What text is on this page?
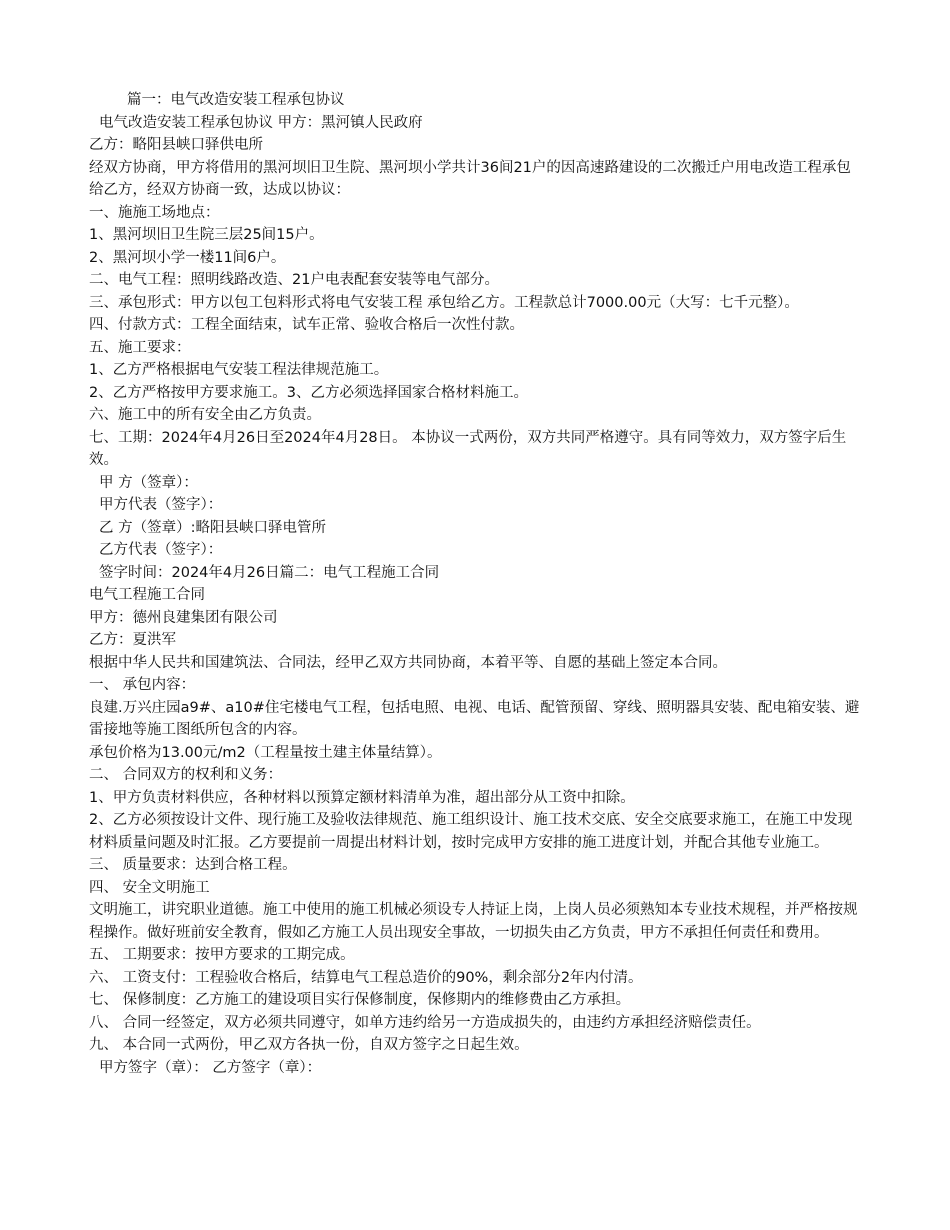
篇一：电气改造安装工程承包协议

电气改造安装工程承包协议 甲方：黑河镇人民政府

乙方：略阳县峡口驿供电所

经双方协商，甲方将借用的黑河坝旧卫生院、黑河坝小学共计36间21户的因高速路建设的二次搬迁户用电改造工程承包给乙方，经双方协商一致，达成以协议：

一、施施工场地点：

1、黑河坝旧卫生院三层25间15户。

2、黑河坝小学一楼11间6户。

二、电气工程：照明线路改造、21户电表配套安装等电气部分。

三、承包形式：甲方以包工包料形式将电气安装工程 承包给乙方。工程款总计7000.00元（大写：七千元整）。

四、付款方式：工程全面结束，试车正常、验收合格后一次性付款。

五、施工要求：

1、乙方严格根据电气安装工程法律规范施工。

2、乙方严格按甲方要求施工。3、乙方必须选择国家合格材料施工。

六、施工中的所有安全由乙方负责。

七、工期：2024年4月26日至2024年4月28日。 本协议一式两份，双方共同严格遵守。具有同等效力，双方签字后生效。

甲 方（签章）：

甲方代表（签字）：

乙 方（签章）:略阳县峡口驿电管所

乙方代表（签字）：

签字时间：2024年4月26日篇二：电气工程施工合同

电气工程施工合同

甲方：德州良建集团有限公司

乙方：夏洪军

根据中华人民共和国建筑法、合同法，经甲乙双方共同协商，本着平等、自愿的基础上签定本合同。

一、 承包内容：

良建.万兴庄园a9#、a10#住宅楼电气工程，包括电照、电视、电话、配管预留、穿线、照明器具安装、配电箱安装、避雷接地等施工图纸所包含的内容。

承包价格为13.00元/m2（工程量按土建主体量结算）。

二、 合同双方的权利和义务：

1、甲方负责材料供应，各种材料以预算定额材料清单为准，超出部分从工资中扣除。

2、乙方必须按设计文件、现行施工及验收法律规范、施工组织设计、施工技术交底、安全交底要求施工，在施工中发现材料质量问题及时汇报。乙方要提前一周提出材料计划，按时完成甲方安排的施工进度计划，并配合其他专业施工。

三、 质量要求：达到合格工程。

四、 安全文明施工

文明施工，讲究职业道德。施工中使用的施工机械必须设专人持证上岗，上岗人员必须熟知本专业技术规程，并严格按规程操作。做好班前安全教育，假如乙方施工人员出现安全事故，一切损失由乙方负责，甲方不承担任何责任和费用。

五、 工期要求：按甲方要求的工期完成。

六、 工资支付：工程验收合格后，结算电气工程总造价的90%，剩余部分2年内付清。

七、 保修制度：乙方施工的建设项目实行保修制度，保修期内的维修费由乙方承担。

八、 合同一经签定，双方必须共同遵守，如单方违约给另一方造成损失的，由违约方承担经济赔偿责任。

九、 本合同一式两份，甲乙双方各执一份，自双方签字之日起生效。

甲方签字（章）： 乙方签字（章）：
